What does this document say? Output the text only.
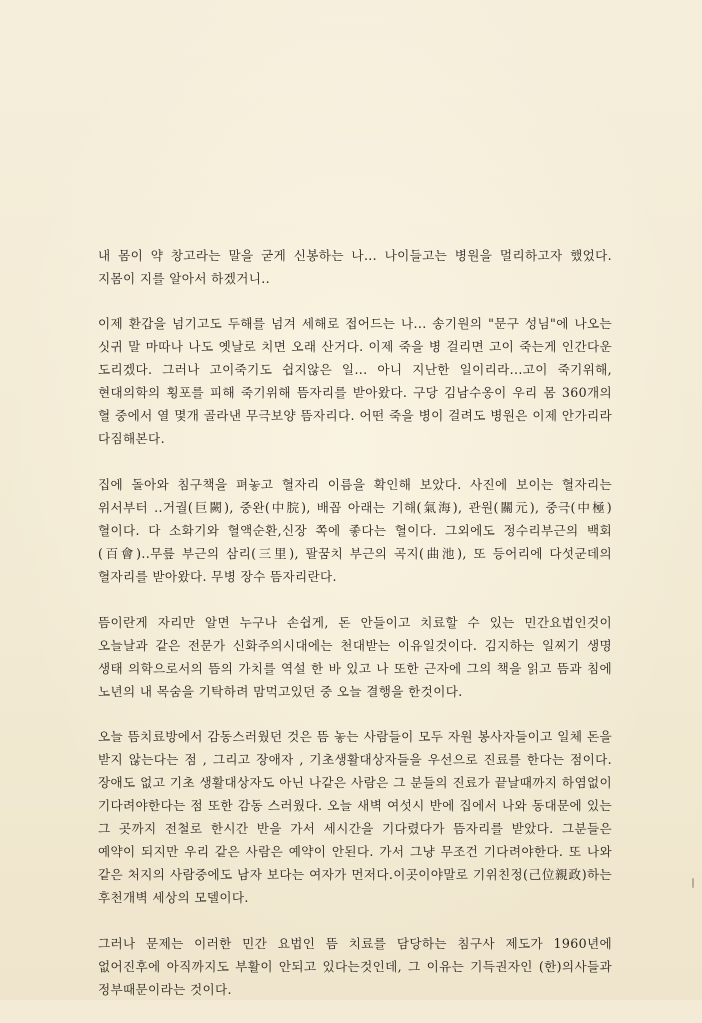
내 몸이 약 창고라는 말을 굳게 신봉하는 나... 나이들고는 병원을 멀리하고자 했었다. 지몸이 지를 알아서 하겠거니..

이제 환갑을 넘기고도 두해를 넘겨 세해로 접어드는 나... 송기원의 "문구 성님"에 나오는 싯귀 말 마따나 나도 옛날로 치면 오래 산거다. 이제 죽을 병 걸리면 고이 죽는게 인간다운 도리겠다. 그러나 고이죽기도 쉽지않은 일... 아니 지난한 일이리라...고이 죽기위해, 현대의학의 횡포를 피해 죽기위해 뜸자리를 받아왔다. 구당 김남수옹이 우리 몸 360개의 혈 중에서 열 몇개 골라낸 무극보양 뜸자리다. 어떤 죽을 병이 걸려도 병원은 이제 안가리라 다짐해본다.

집에 돌아와 침구책을 펴놓고 혈자리 이름을 확인해 보았다. 사진에 보이는 혈자리는 위서부터 ..거궐(巨闕), 중완(中脘), 배꼽 아래는 기해(氣海), 관원(關元), 중극(中極)혈이다. 다 소화기와 혈액순환,신장 쪽에 좋다는 혈이다. 그외에도 정수리부근의 백회(百會)..무릎 부근의 삼리(三里), 팔꿈치 부근의 곡지(曲池), 또 등어리에 다섯군데의 혈자리를 받아왔다. 무병 장수 뜸자리란다.

뜸이란게 자리만 알면 누구나 손쉽게, 돈 안들이고 치료할 수 있는 민간요법인것이 오늘날과 같은 전문가 신화주의시대에는 천대받는 이유일것이다. 김지하는 일찌기 생명 생태 의학으로서의 뜸의 가치를 역설 한 바 있고 나 또한 근자에 그의 책을 읽고 뜸과 침에 노년의 내 목숨을 기탁하려 맘먹고있던 중 오늘 결행을 한것이다.

오늘 뜸치료방에서 감동스러웠던 것은 뜸 놓는 사람들이 모두 자원 봉사자들이고 일체 돈을 받지 않는다는 점 , 그리고 장애자 , 기초생활대상자들을 우선으로 진료를 한다는 점이다. 장애도 없고 기초 생활대상자도 아닌 나같은 사람은 그 분들의 진료가 끝날때까지 하염없이 기다려야한다는 점 또한 감동 스러웠다. 오늘 새벽 여섯시 반에 집에서 나와 동대문에 있는 그 곳까지 전철로 한시간 반을 가서 세시간을 기다렸다가 뜸자리를 받았다. 그분들은 예약이 되지만 우리 같은 사람은 예약이 안된다. 가서 그냥 무조건 기다려야한다. 또 나와 같은 처지의 사람중에도 남자 보다는 여자가 먼저다.이곳이야말로 기위친정(己位親政)하는 후천개벽 세상의 모델이다.

그러나 문제는 이러한 민간 요법인 뜸 치료를 담당하는 침구사 제도가 1960년에 없어진후에 아직까지도 부활이 안되고 있다는것인데, 그 이유는 기득권자인 (한)의사들과 정부때문이라는 것이다.
